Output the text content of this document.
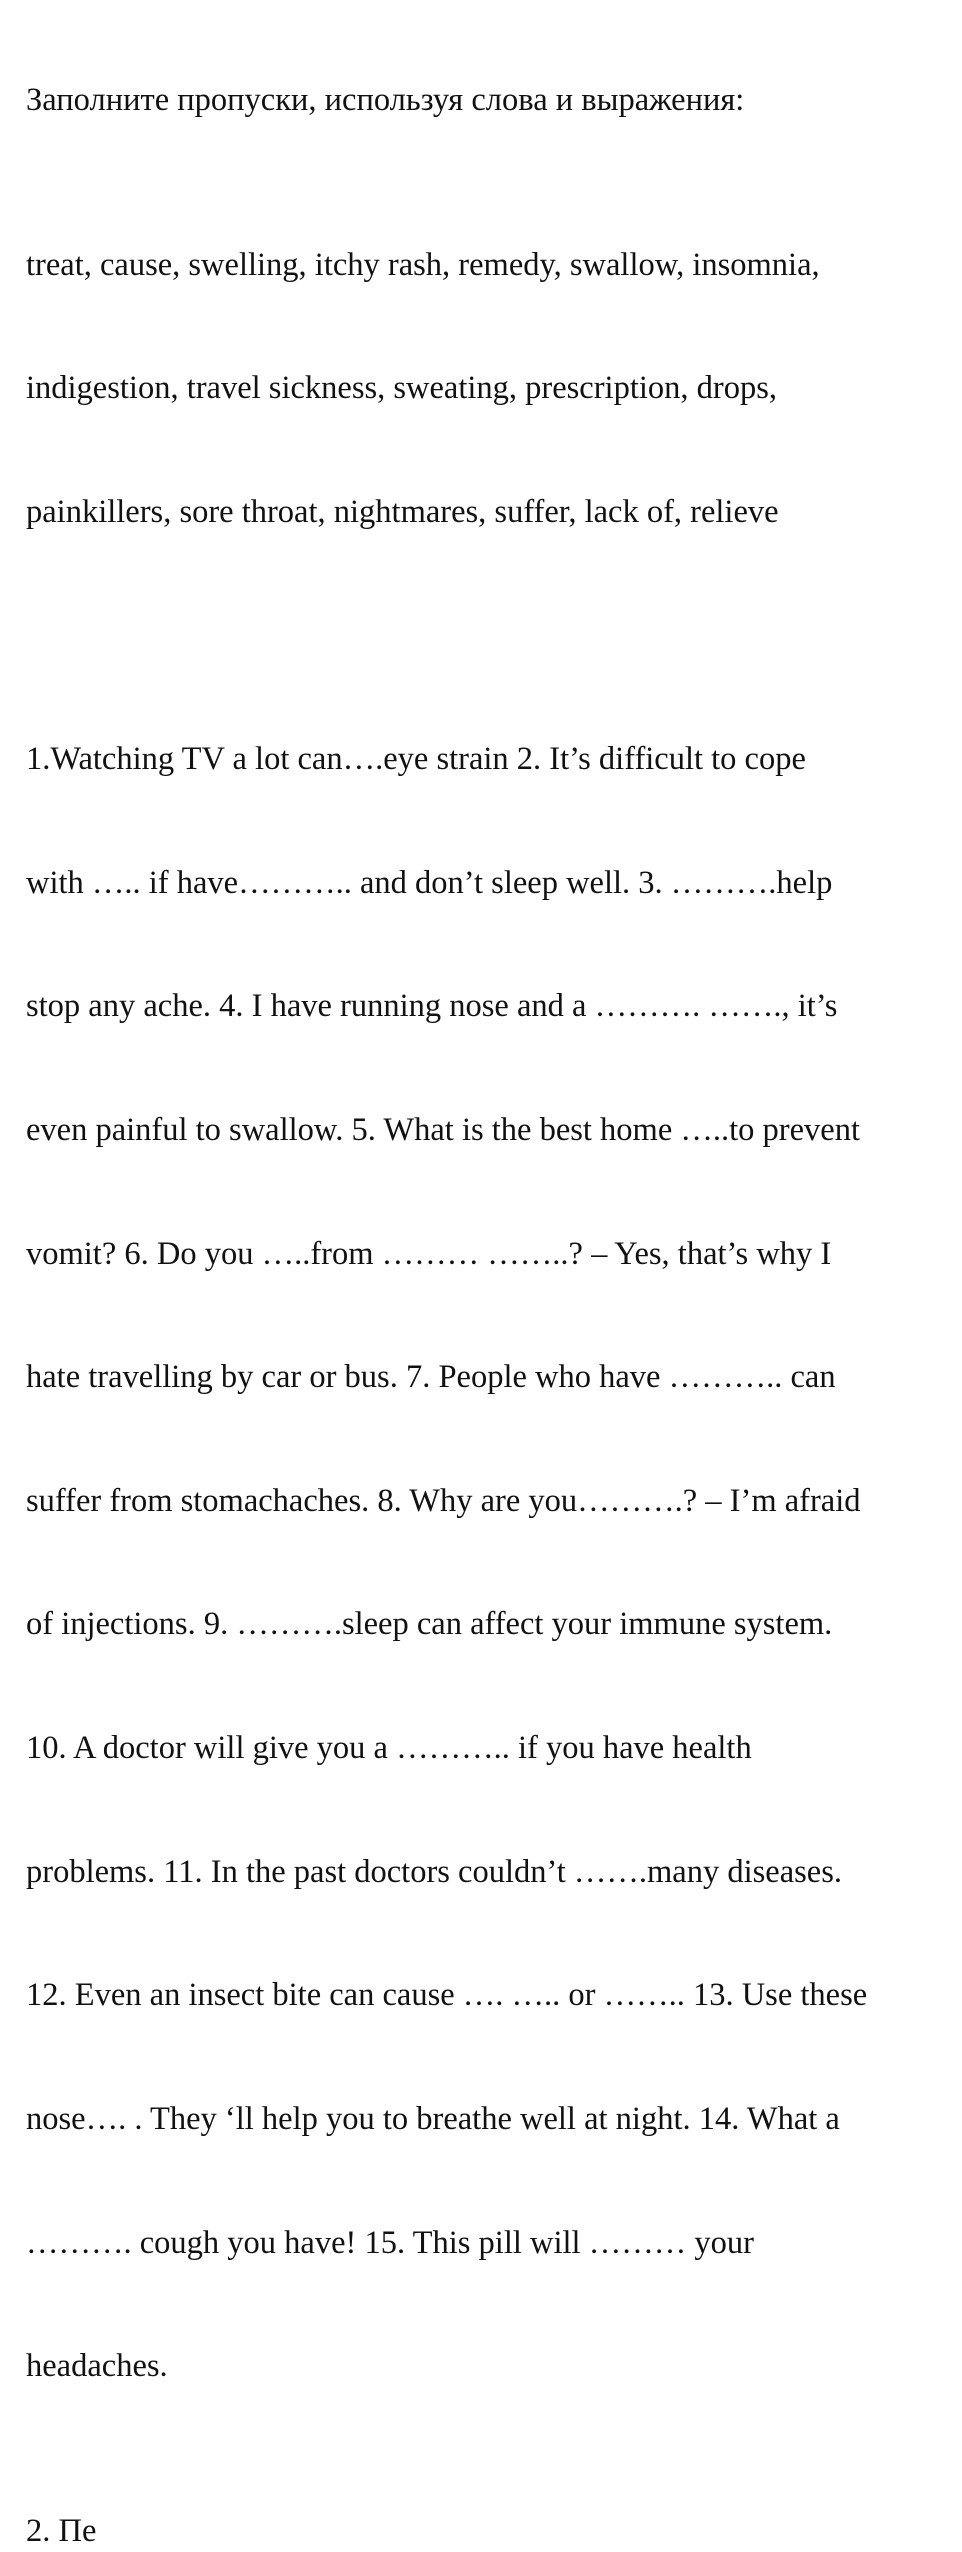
Заполните пропуски, используя слова и выражения:

treat, cause, swelling, itchy rash, remedy, swallow, insomnia,

indigestion, travel sickness, sweating, prescription, drops,

painkillers, sore throat, nightmares, suffer, lack of, relieve

1.Watching TV a lot can….eye strain 2. It’s difficult to cope

with ….. if have……….. and don’t sleep well. 3. ……….help

stop any ache. 4. I have running nose and a ………. ……., it’s

even painful to swallow. 5. What is the best home …..to prevent

vomit? 6. Do you …..from ……… ……..? – Yes, that’s why I

hate travelling by car or bus. 7. People who have ……….. can

suffer from stomachaches. 8. Why are you……….? – I’m afraid

of injections. 9. ……….sleep can affect your immune system.

10. A doctor will give you a ……….. if you have health

problems. 11. In the past doctors couldn’t …….many diseases.

12. Even an insect bite can cause …. ….. or …….. 13. Use these

nose…. . They ‘ll help you to breathe well at night. 14. What a

………. cough you have! 15. This pill will ……… your

headaches.

2. Пе
